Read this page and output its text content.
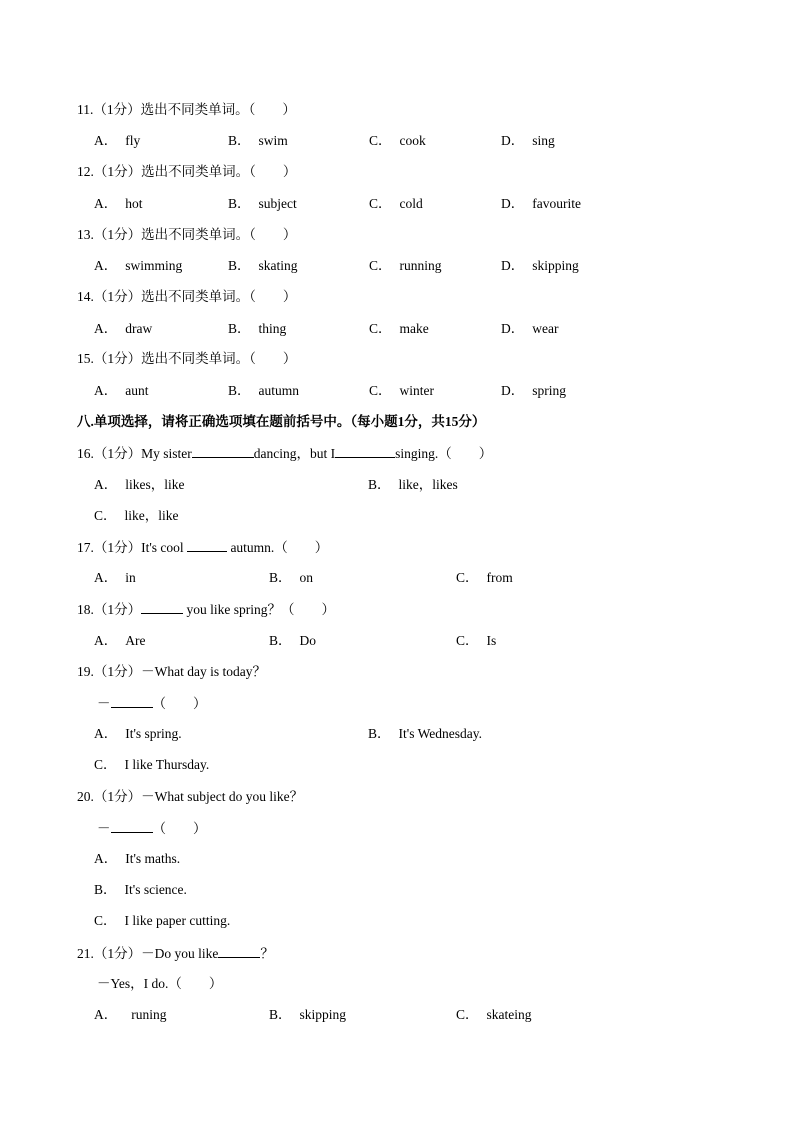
11.（1分）选出不同类单词。（　　）
A． fly	B． swim	C． cook	D． sing
12.（1分）选出不同类单词。（　　）
A． hot	B． subject	C． cold	D． favourite
13.（1分）选出不同类单词。（　　）
A． swimming	B． skating	C． running	D． skipping
14.（1分）选出不同类单词。（　　）
A． draw	B． thing	C． make	D． wear
15.（1分）选出不同类单词。（　　）
A． aunt	B． autumn	C． winter	D． spring
八.单项选择，请将正确选项填在题前括号中。（每小题1分，共15分）
16.（1分）My sister	dancing，but I	singing.（　　）
A． likes，like	B． like，likes
C． like，like
17.（1分）It's cool	autumn.（　　）
A． in	B． on	C． from
18.（1分）	you like spring？（　　）
A． Are	B． Do	C． Is
19.（1分）－What day is today？
－	（　　）
A． It's spring.	B． It's Wednesday.
C． I like Thursday.
20.（1分）－What subject do you like？
－	（　　）
A． It's maths.
B． It's science.
C． I like paper cutting.
21.（1分）－Do you like	？
－Yes，I do.（　　）
A． runing	B． skipping	C． skateing
